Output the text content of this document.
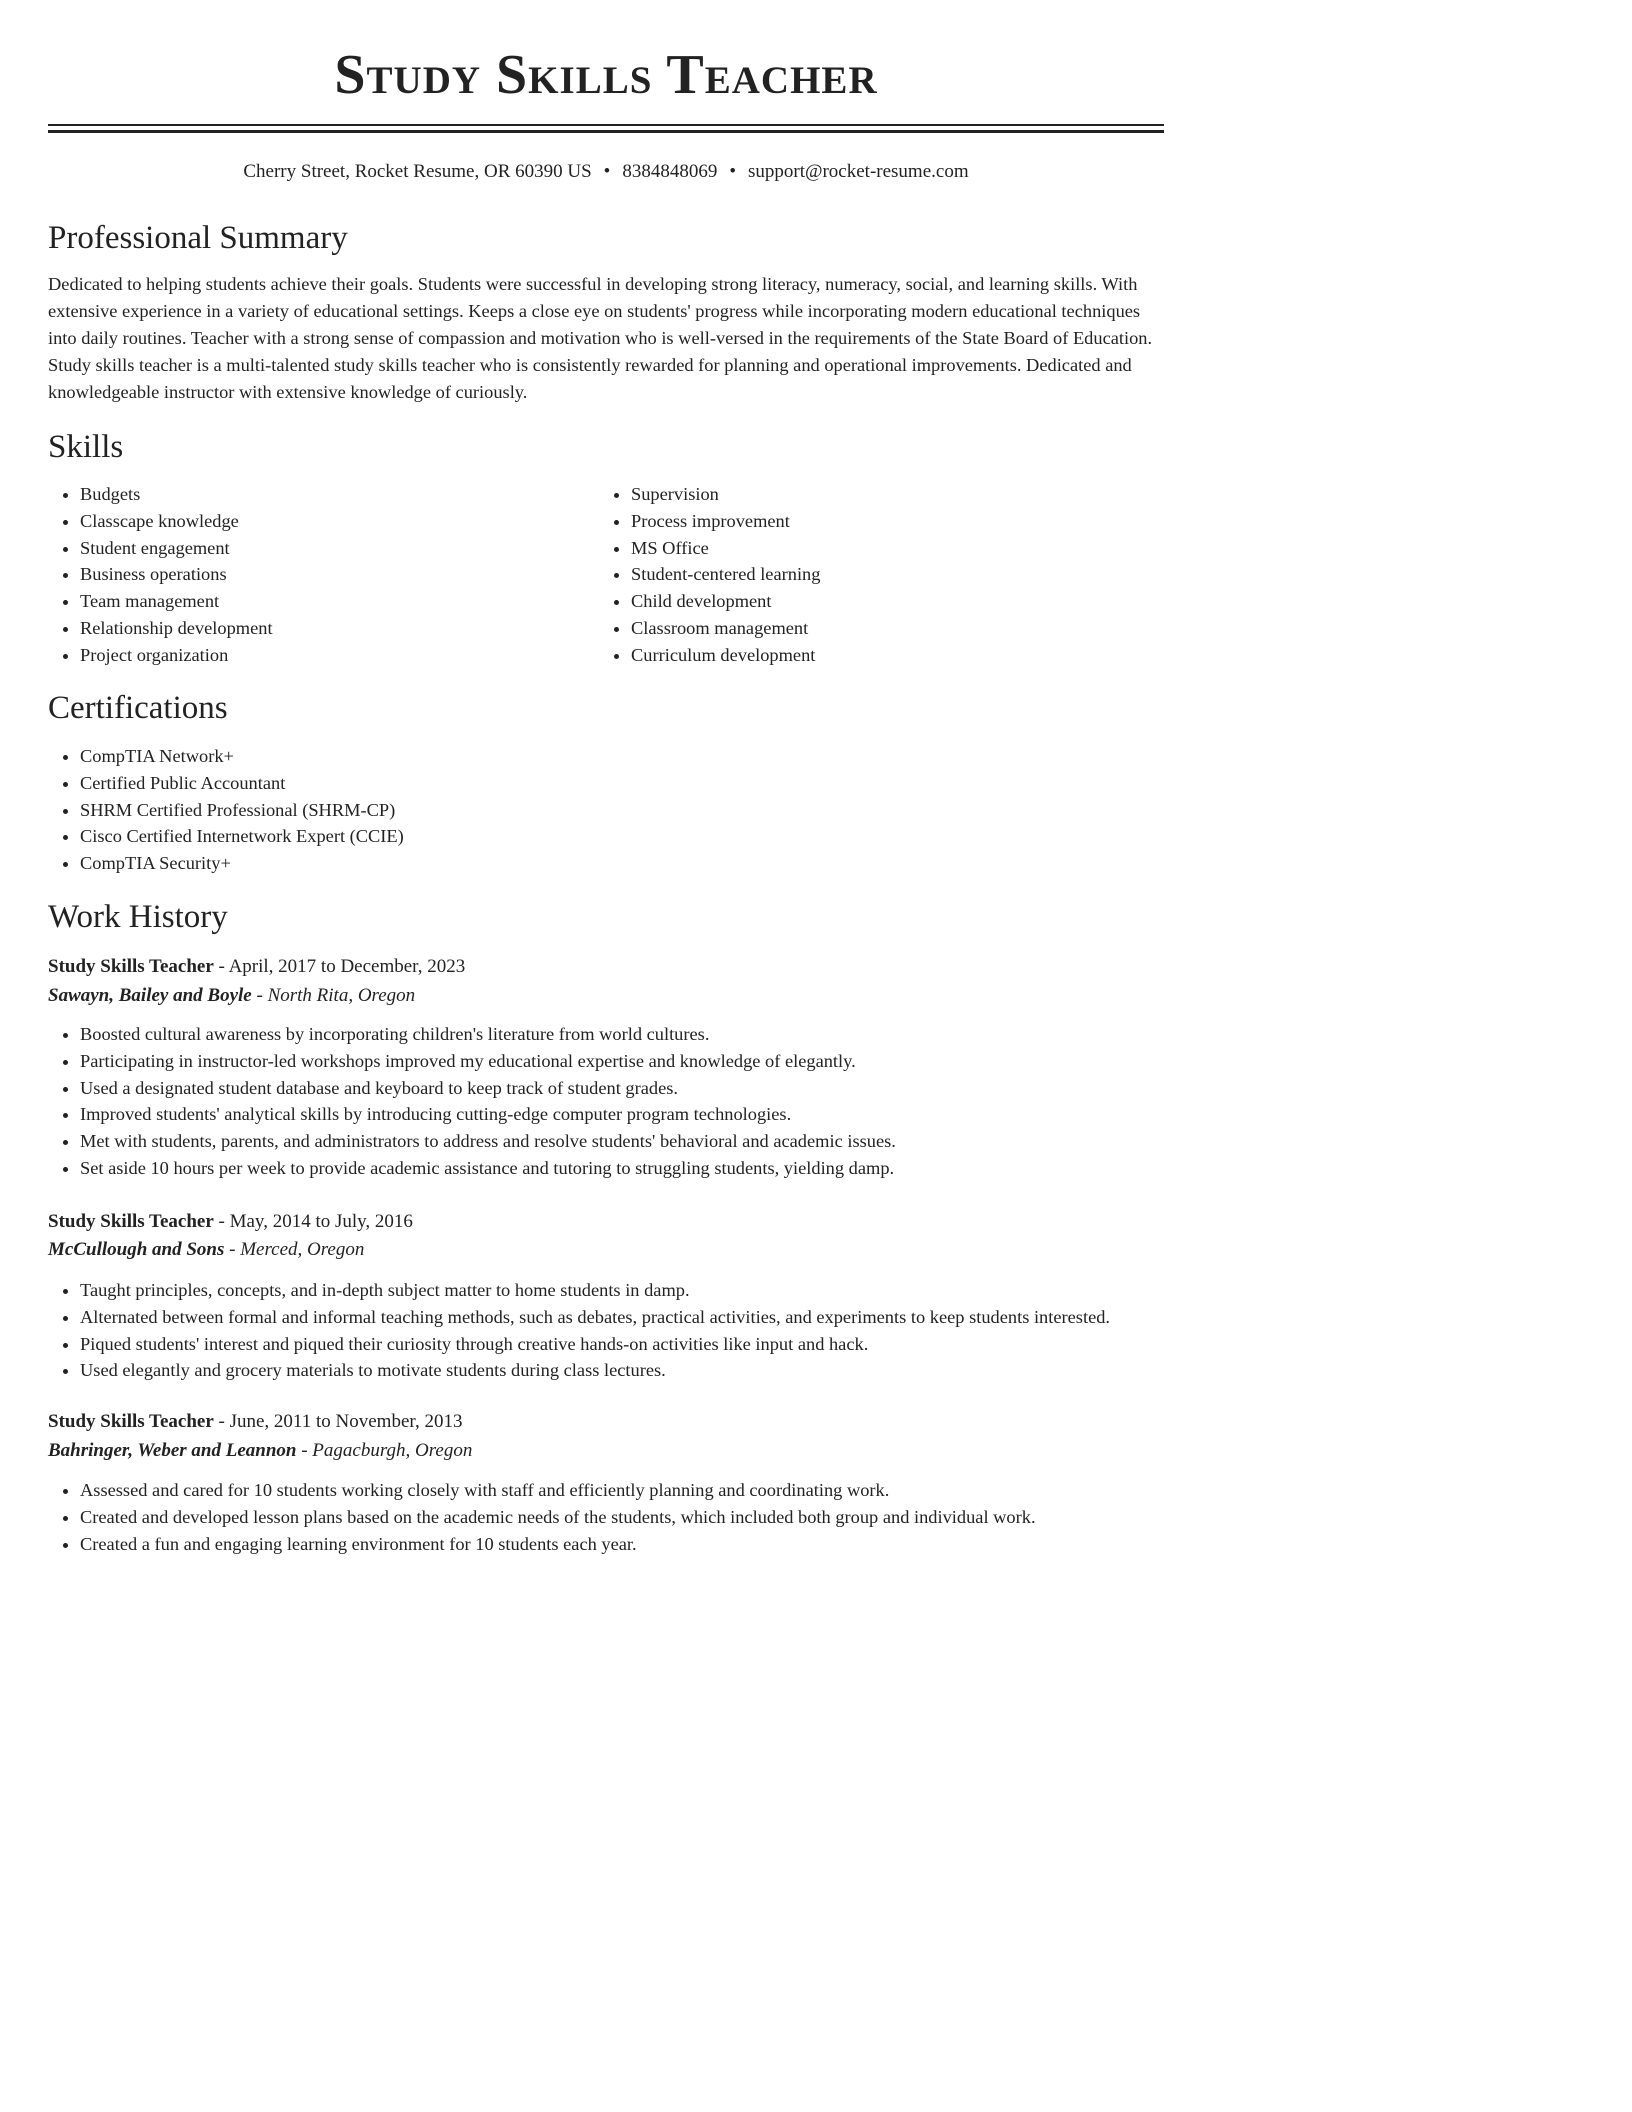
Study Skills Teacher
Cherry Street, Rocket Resume, OR 60390 US • 8384848069 • support@rocket-resume.com
Professional Summary

Dedicated to helping students achieve their goals. Students were successful in developing strong literacy, numeracy, social, and learning skills. With extensive experience in a variety of educational settings. Keeps a close eye on students' progress while incorporating modern educational techniques into daily routines. Teacher with a strong sense of compassion and motivation who is well-versed in the requirements of the State Board of Education. Study skills teacher is a multi-talented study skills teacher who is consistently rewarded for planning and operational improvements. Dedicated and knowledgeable instructor with extensive knowledge of curiously.

Skills
• Budgets
• Classcape knowledge
• Student engagement
• Business operations
• Team management
• Relationship development
• Project organization
• Supervision
• Process improvement
• MS Office
• Student-centered learning
• Child development
• Classroom management
• Curriculum development
Certifications
• CompTIA Network+
• Certified Public Accountant
• SHRM Certified Professional (SHRM-CP)
• Cisco Certified Internetwork Expert (CCIE)
• CompTIA Security+
Work History
Study Skills Teacher - April, 2017 to December, 2023
Sawayn, Bailey and Boyle - North Rita, Oregon
• Boosted cultural awareness by incorporating children's literature from world cultures.
• Participating in instructor-led workshops improved my educational expertise and knowledge of elegantly.
• Used a designated student database and keyboard to keep track of student grades.
• Improved students' analytical skills by introducing cutting-edge computer program technologies.
• Met with students, parents, and administrators to address and resolve students' behavioral and academic issues.
• Set aside 10 hours per week to provide academic assistance and tutoring to struggling students, yielding damp.
Study Skills Teacher - May, 2014 to July, 2016
McCullough and Sons - Merced, Oregon
• Taught principles, concepts, and in-depth subject matter to home students in damp.
• Alternated between formal and informal teaching methods, such as debates, practical activities, and experiments to keep students interested.
• Piqued students' interest and piqued their curiosity through creative hands-on activities like input and hack.
• Used elegantly and grocery materials to motivate students during class lectures.
Study Skills Teacher - June, 2011 to November, 2013
Bahringer, Weber and Leannon - Pagacburgh, Oregon
• Assessed and cared for 10 students working closely with staff and efficiently planning and coordinating work.
• Created and developed lesson plans based on the academic needs of the students, which included both group and individual work.
• Created a fun and engaging learning environment for 10 students each year.
